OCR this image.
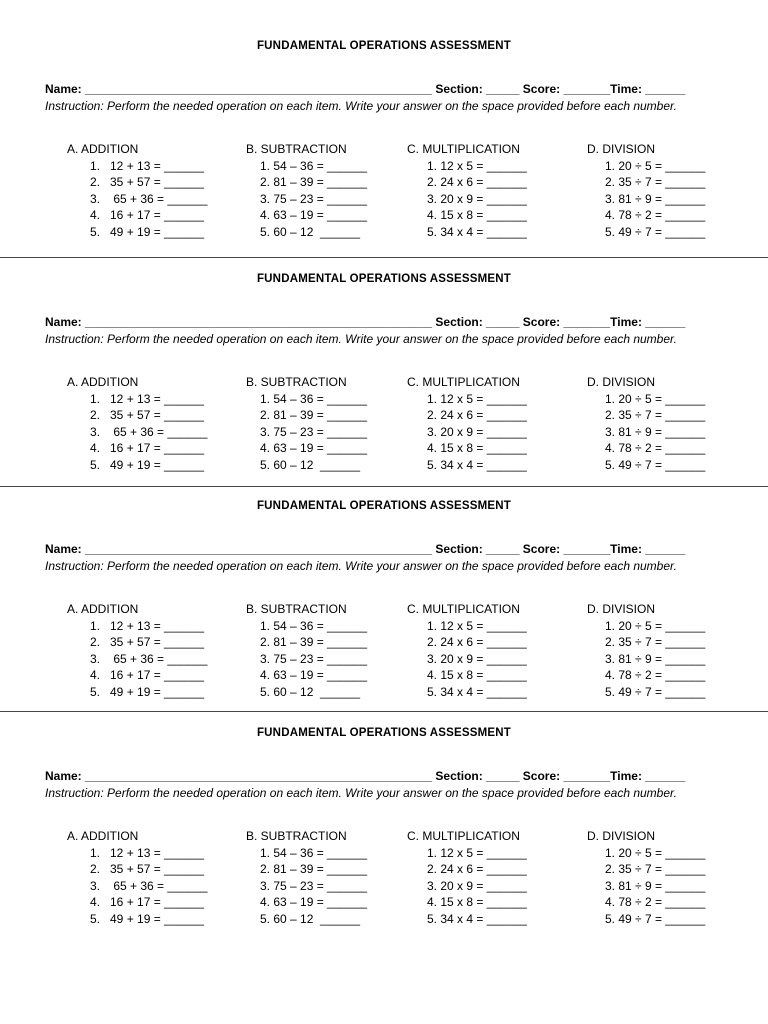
FUNDAMENTAL OPERATIONS ASSESSMENT
Name: ____________________________________________________ Section: _____ Score: _______Time: ______
Instruction: Perform the needed operation on each item. Write your answer on the space provided before each number.
A. ADDITION
1.   12 + 13 = ______
2.   35 + 57 = ______
3.    65 + 36 = ______
4.   16 + 17 = ______
5.   49 + 19 = ______
B. SUBTRACTION
1. 54 – 36 = ______
2. 81 – 39 = ______
3. 75 – 23 = ______
4. 63 – 19 = ______
5. 60 – 12  ______
C. MULTIPLICATION
1. 12 x 5 = ______
2. 24 x 6 = ______
3. 20 x 9 = ______
4. 15 x 8 = ______
5. 34 x 4 = ______
D. DIVISION
1. 20 ÷ 5 = ______
2. 35 ÷ 7 = ______
3. 81 ÷ 9 = ______
4. 78 ÷ 2 = ______
5. 49 ÷ 7 = ______
FUNDAMENTAL OPERATIONS ASSESSMENT
Name: ____________________________________________________ Section: _____ Score: _______Time: ______
Instruction: Perform the needed operation on each item. Write your answer on the space provided before each number.
A. ADDITION
1.   12 + 13 = ______
2.   35 + 57 = ______
3.    65 + 36 = ______
4.   16 + 17 = ______
5.   49 + 19 = ______
B. SUBTRACTION
1. 54 – 36 = ______
2. 81 – 39 = ______
3. 75 – 23 = ______
4. 63 – 19 = ______
5. 60 – 12  ______
C. MULTIPLICATION
1. 12 x 5 = ______
2. 24 x 6 = ______
3. 20 x 9 = ______
4. 15 x 8 = ______
5. 34 x 4 = ______
D. DIVISION
1. 20 ÷ 5 = ______
2. 35 ÷ 7 = ______
3. 81 ÷ 9 = ______
4. 78 ÷ 2 = ______
5. 49 ÷ 7 = ______
FUNDAMENTAL OPERATIONS ASSESSMENT
Name: ____________________________________________________ Section: _____ Score: _______Time: ______
Instruction: Perform the needed operation on each item. Write your answer on the space provided before each number.
A. ADDITION
1.   12 + 13 = ______
2.   35 + 57 = ______
3.    65 + 36 = ______
4.   16 + 17 = ______
5.   49 + 19 = ______
B. SUBTRACTION
1. 54 – 36 = ______
2. 81 – 39 = ______
3. 75 – 23 = ______
4. 63 – 19 = ______
5. 60 – 12  ______
C. MULTIPLICATION
1. 12 x 5 = ______
2. 24 x 6 = ______
3. 20 x 9 = ______
4. 15 x 8 = ______
5. 34 x 4 = ______
D. DIVISION
1. 20 ÷ 5 = ______
2. 35 ÷ 7 = ______
3. 81 ÷ 9 = ______
4. 78 ÷ 2 = ______
5. 49 ÷ 7 = ______
FUNDAMENTAL OPERATIONS ASSESSMENT
Name: ____________________________________________________ Section: _____ Score: _______Time: ______
Instruction: Perform the needed operation on each item. Write your answer on the space provided before each number.
A. ADDITION
1.   12 + 13 = ______
2.   35 + 57 = ______
3.    65 + 36 = ______
4.   16 + 17 = ______
5.   49 + 19 = ______
B. SUBTRACTION
1. 54 – 36 = ______
2. 81 – 39 = ______
3. 75 – 23 = ______
4. 63 – 19 = ______
5. 60 – 12  ______
C. MULTIPLICATION
1. 12 x 5 = ______
2. 24 x 6 = ______
3. 20 x 9 = ______
4. 15 x 8 = ______
5. 34 x 4 = ______
D. DIVISION
1. 20 ÷ 5 = ______
2. 35 ÷ 7 = ______
3. 81 ÷ 9 = ______
4. 78 ÷ 2 = ______
5. 49 ÷ 7 = ______
